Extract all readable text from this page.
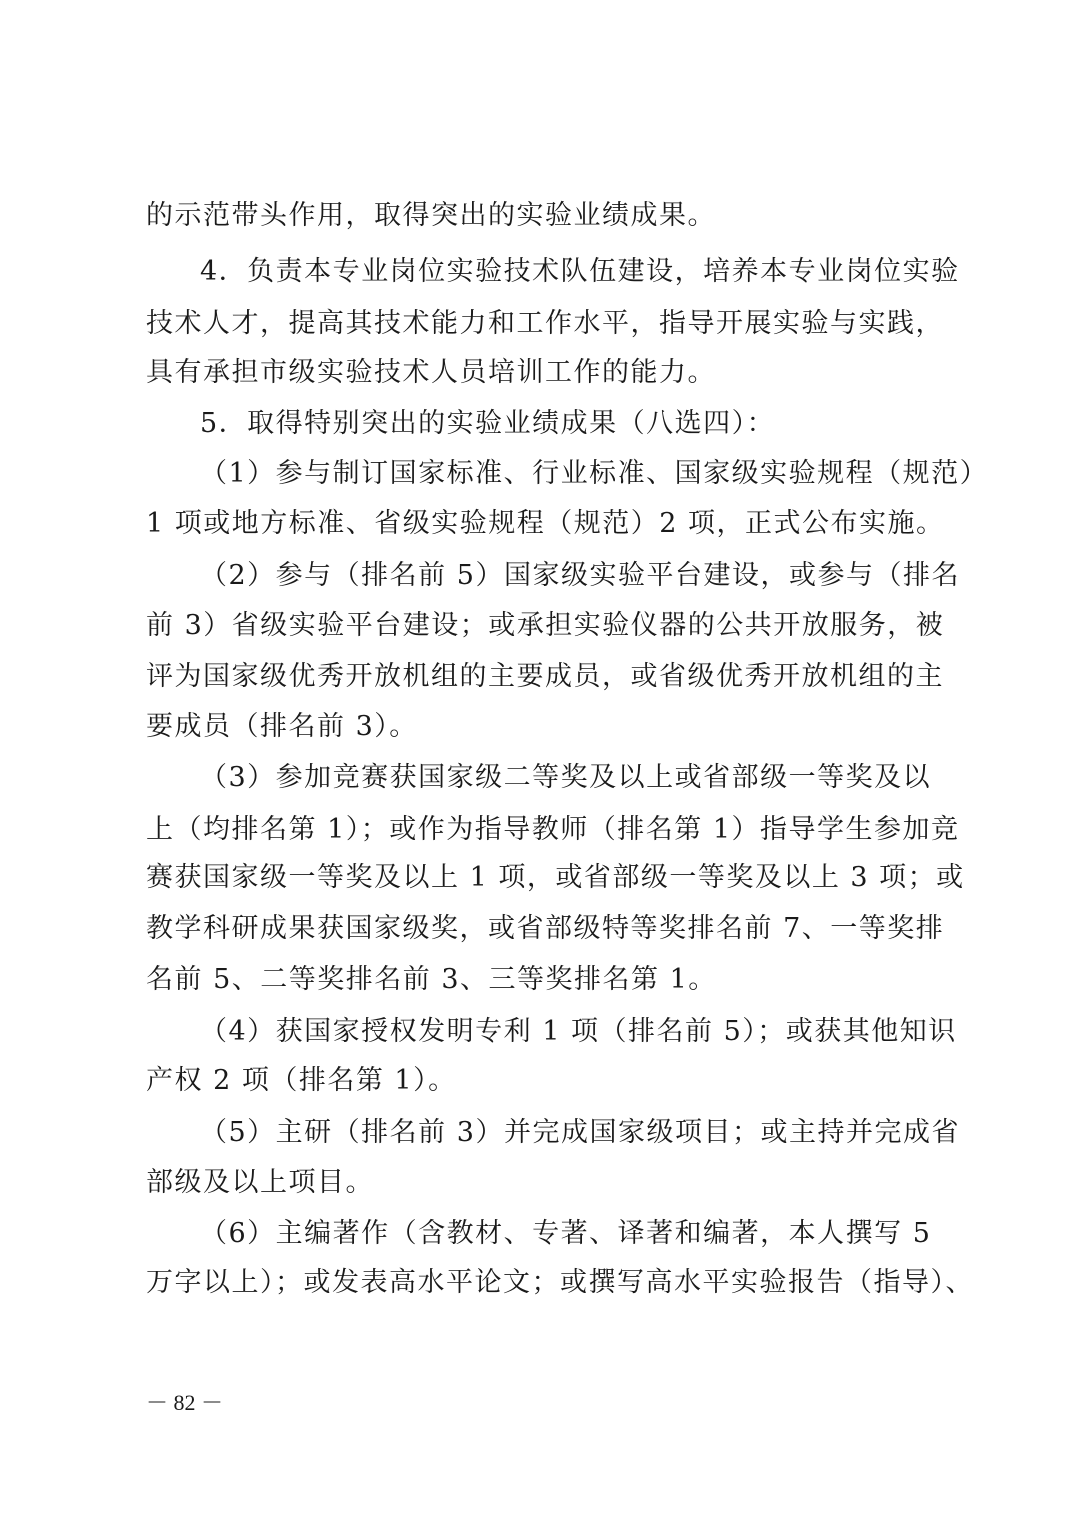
的示范带头作用，取得突出的实验业绩成果。
4．负责本专业岗位实验技术队伍建设，培养本专业岗位实验
技术人才，提高其技术能力和工作水平，指导开展实验与实践，
具有承担市级实验技术人员培训工作的能力。
5．取得特别突出的实验业绩成果（八选四）：
（1）参与制订国家标准、行业标准、国家级实验规程（规范）
1 项或地方标准、省级实验规程（规范）2 项，正式公布实施。
（2）参与（排名前 5）国家级实验平台建设，或参与（排名
前 3）省级实验平台建设；或承担实验仪器的公共开放服务，被
评为国家级优秀开放机组的主要成员，或省级优秀开放机组的主
要成员（排名前 3）。
（3）参加竞赛获国家级二等奖及以上或省部级一等奖及以
上（均排名第 1）；或作为指导教师（排名第 1）指导学生参加竞
赛获国家级一等奖及以上 1 项，或省部级一等奖及以上 3 项；或
教学科研成果获国家级奖，或省部级特等奖排名前 7、一等奖排
名前 5、二等奖排名前 3、三等奖排名第 1。
（4）获国家授权发明专利 1 项（排名前 5）；或获其他知识
产权 2 项（排名第 1）。
（5）主研（排名前 3）并完成国家级项目；或主持并完成省
部级及以上项目。
（6）主编著作（含教材、专著、译著和编著，本人撰写 5
万字以上）；或发表高水平论文；或撰写高水平实验报告（指导）、
－ 82 －
